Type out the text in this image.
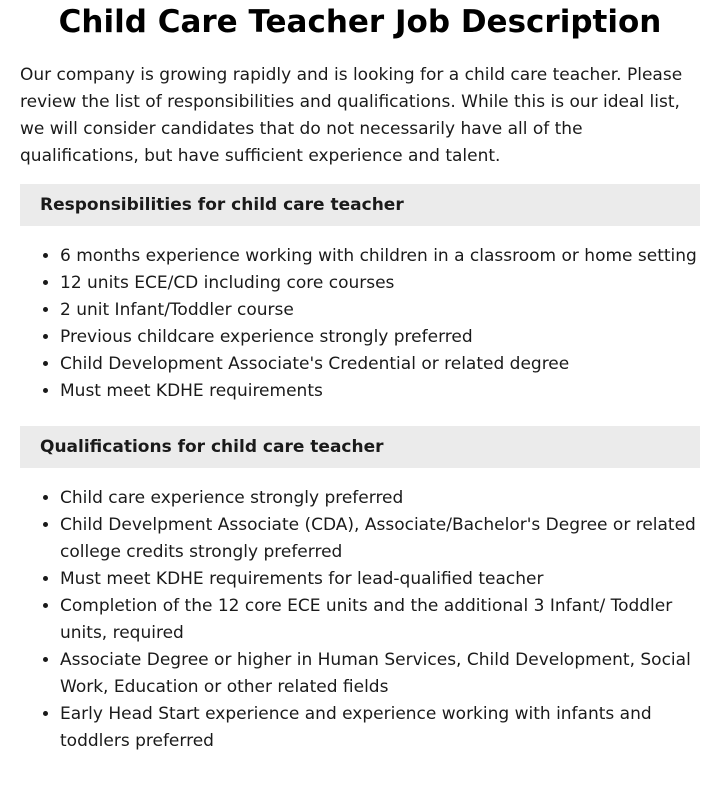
Child Care Teacher Job Description

Our company is growing rapidly and is looking for a child care teacher. Please review the list of responsibilities and qualifications. While this is our ideal list, we will consider candidates that do not necessarily have all of the qualifications, but have sufficient experience and talent.

Responsibilities for child care teacher
• 6 months experience working with children in a classroom or home setting
• 12 units ECE/CD including core courses
• 2 unit Infant/Toddler course
• Previous childcare experience strongly preferred
• Child Development Associate's Credential or related degree
• Must meet KDHE requirements
Qualifications for child care teacher
• Child care experience strongly preferred
• Child Develpment Associate (CDA), Associate/Bachelor's Degree or related college credits strongly preferred
• Must meet KDHE requirements for lead-qualified teacher
• Completion of the 12 core ECE units and the additional 3 Infant/ Toddler units, required
• Associate Degree or higher in Human Services, Child Development, Social Work, Education or other related fields
• Early Head Start experience and experience working with infants and toddlers preferred
